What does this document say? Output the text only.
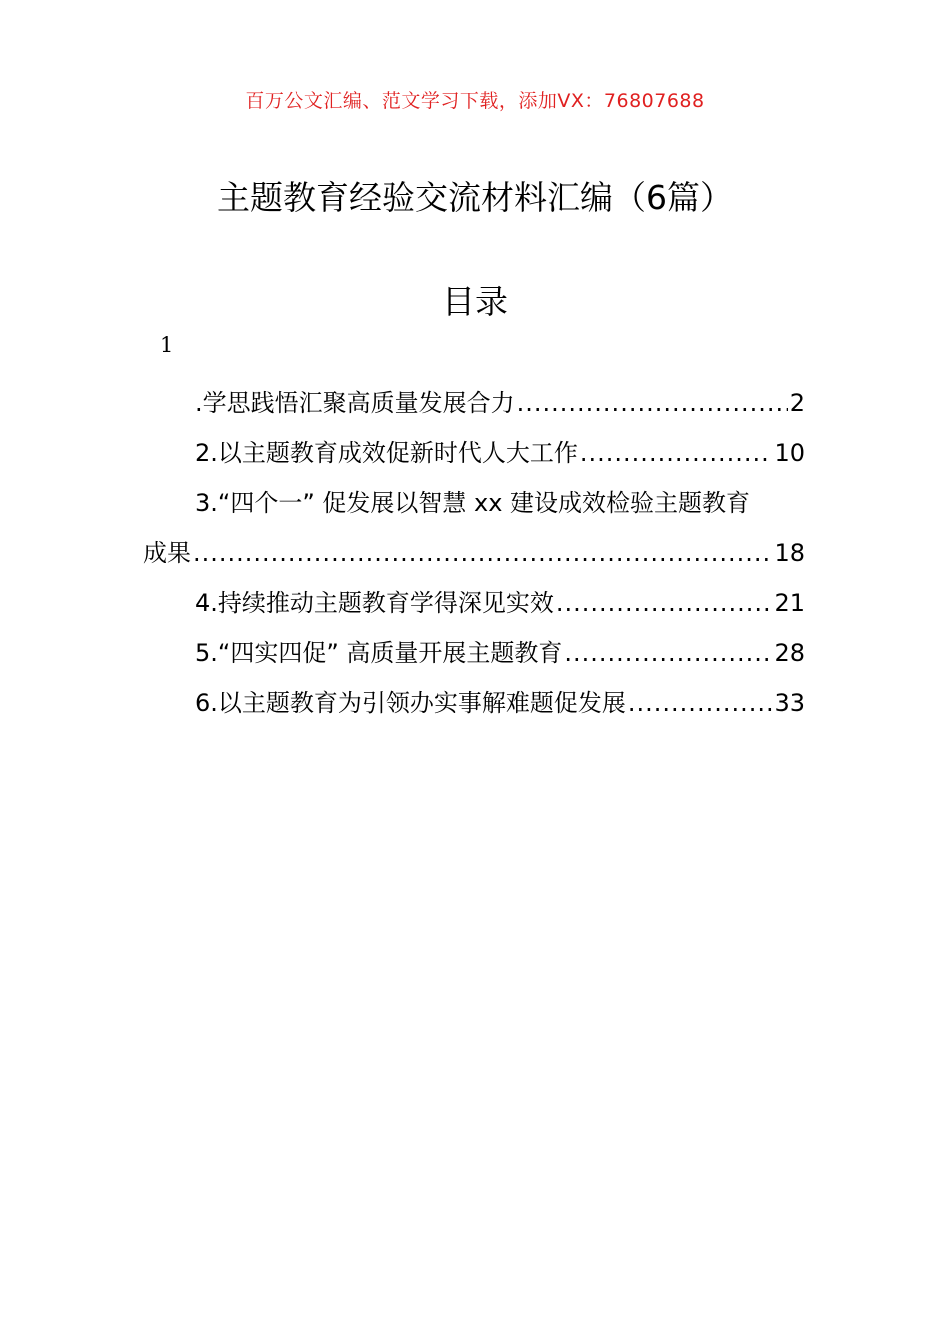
百万公文汇编、范文学习下载，添加VX：76807688
主题教育经验交流材料汇编（6篇）
目录
1
.学思践悟汇聚高质量发展合力 .....	2
2.以主题教育成效促新时代人大工作 .....	10
3.“四个一” 促发展以智慧 xx 建设成效检验主题教育
成果 .....	18
4.持续推动主题教育学得深见实效 .....	21
5.“四实四促” 高质量开展主题教育 .....	28
6.以主题教育为引领办实事解难题促发展 .....	33
